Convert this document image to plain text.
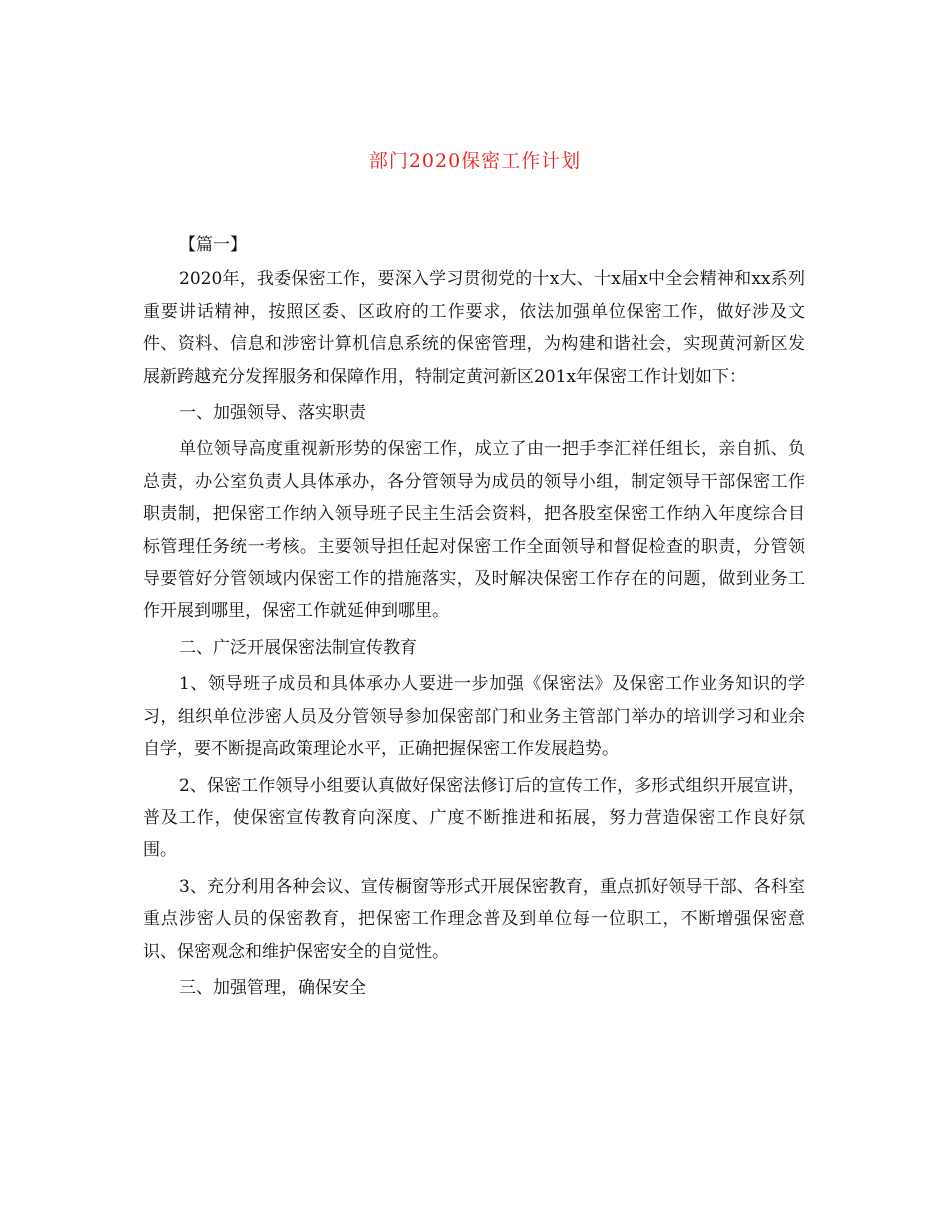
部门2020保密工作计划

【篇一】

2020年，我委保密工作，要深入学习贯彻党的十x大、十x届x中全会精神和xx系列重要讲话精神，按照区委、区政府的工作要求，依法加强单位保密工作，做好涉及文件、资料、信息和涉密计算机信息系统的保密管理，为构建和谐社会，实现黄河新区发展新跨越充分发挥服务和保障作用，特制定黄河新区201x年保密工作计划如下：

一、加强领导、落实职责

单位领导高度重视新形势的保密工作，成立了由一把手李汇祥任组长，亲自抓、负总责，办公室负责人具体承办，各分管领导为成员的领导小组，制定领导干部保密工作职责制，把保密工作纳入领导班子民主生活会资料，把各股室保密工作纳入年度综合目标管理任务统一考核。主要领导担任起对保密工作全面领导和督促检查的职责，分管领导要管好分管领域内保密工作的措施落实，及时解决保密工作存在的问题，做到业务工作开展到哪里，保密工作就延伸到哪里。

二、广泛开展保密法制宣传教育

1、领导班子成员和具体承办人要进一步加强《保密法》及保密工作业务知识的学习，组织单位涉密人员及分管领导参加保密部门和业务主管部门举办的培训学习和业余自学，要不断提高政策理论水平，正确把握保密工作发展趋势。

2、保密工作领导小组要认真做好保密法修订后的宣传工作，多形式组织开展宣讲，普及工作，使保密宣传教育向深度、广度不断推进和拓展，努力营造保密工作良好氛围。

3、充分利用各种会议、宣传橱窗等形式开展保密教育，重点抓好领导干部、各科室重点涉密人员的保密教育，把保密工作理念普及到单位每一位职工，不断增强保密意识、保密观念和维护保密安全的自觉性。

三、加强管理，确保安全
